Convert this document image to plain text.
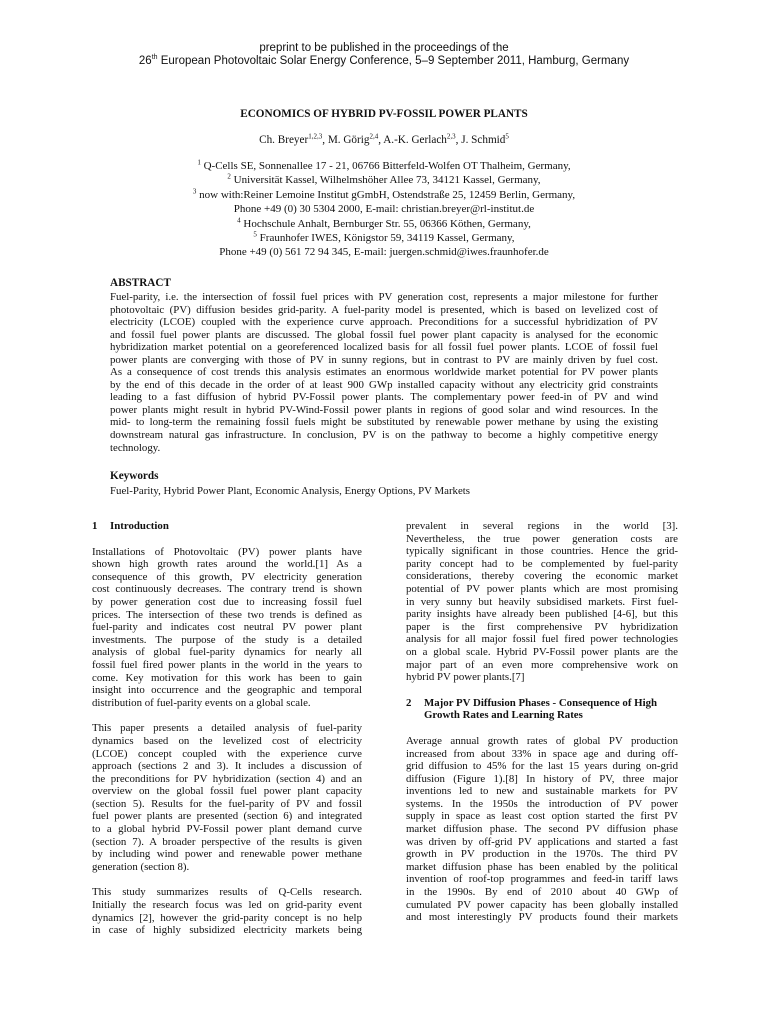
preprint to be published in the proceedings of the
26th European Photovoltaic Solar Energy Conference, 5–9 September 2011, Hamburg, Germany
ECONOMICS OF HYBRID PV-FOSSIL POWER PLANTS
Ch. Breyer$^{1,2,3}$, M. Görig$^{2,4}$, A.-K. Gerlach$^{2,3}$, J. Schmid$^5$
$^1$ Q-Cells SE, Sonnenallee 17 - 21, 06766 Bitterfeld-Wolfen OT Thalheim, Germany,
$^2$ Universität Kassel, Wilhelmshöher Allee 73, 34121 Kassel, Germany,
$^3$ now with:Reiner Lemoine Institut gGmbH, Ostendstraße 25, 12459 Berlin, Germany,
Phone +49 (0) 30 5304 2000, E-mail: christian.breyer@rl-institut.de
$^4$ Hochschule Anhalt, Bernburger Str. 55, 06366 Köthen, Germany,
$^5$ Fraunhofer IWES, Königstor 59, 34119 Kassel, Germany,
Phone +49 (0) 561 72 94 345, E-mail: juergen.schmid@iwes.fraunhofer.de
ABSTRACT
Fuel-parity, i.e. the intersection of fossil fuel prices with PV generation cost, represents a major milestone for further
photovoltaic (PV) diffusion besides grid-parity. A fuel-parity model is presented, which is based on levelized cost of
electricity (LCOE) coupled with the experience curve approach. Preconditions for a successful hybridization of PV
and fossil fuel power plants are discussed. The global fossil fuel power plant capacity is analysed for the economic
hybridization market potential on a georeferenced localized basis for all fossil fuel power plants. LCOE of fossil fuel
power plants are converging with those of PV in sunny regions, but in contrast to PV are mainly driven by fuel cost.
As a consequence of cost trends this analysis estimates an enormous worldwide market potential for PV power plants
by the end of this decade in the order of at least 900 GWp installed capacity without any electricity grid constraints
leading to a fast diffusion of hybrid PV-Fossil power plants. The complementary power feed-in of PV and wind
power plants might result in hybrid PV-Wind-Fossil power plants in regions of good solar and wind resources. In the
mid- to long-term the remaining fossil fuels might be substituted by renewable power methane by using the existing
downstream natural gas infrastructure. In conclusion, PV is on the pathway to become a highly competitive energy
technology.
Keywords
Fuel-Parity, Hybrid Power Plant, Economic Analysis, Energy Options, PV Markets
1	Introduction
Installations of Photovoltaic (PV) power plants have
shown high growth rates around the world.[1] As a
consequence of this growth, PV electricity generation
cost continuously decreases. The contrary trend is shown
by power generation cost due to increasing fossil fuel
prices. The intersection of these two trends is defined as
fuel-parity and indicates cost neutral PV power plant
investments. The purpose of the study is a detailed
analysis of global fuel-parity dynamics for nearly all
fossil fuel fired power plants in the world in the years to
come. Key motivation for this work has been to gain
insight into occurrence and the geographic and temporal
distribution of fuel-parity events on a global scale.
This paper presents a detailed analysis of fuel-parity
dynamics based on the levelized cost of electricity
(LCOE) concept coupled with the experience curve
approach (sections 2 and 3). It includes a discussion of
the preconditions for PV hybridization (section 4) and an
overview on the global fossil fuel power plant capacity
(section 5). Results for the fuel-parity of PV and fossil
fuel power plants are presented (section 6) and integrated
to a global hybrid PV-Fossil power plant demand curve
(section 7). A broader perspective of the results is given
by including wind power and renewable power methane
generation (section 8).
This study summarizes results of Q-Cells research.
Initially the research focus was led on grid-parity event
dynamics [2], however the grid-parity concept is no help
in case of highly subsidized electricity markets being
prevalent in several regions in the world [3].
Nevertheless, the true power generation costs are
typically significant in those countries. Hence the grid-
parity concept had to be complemented by fuel-parity
considerations, thereby covering the economic market
potential of PV power plants which are most promising
in very sunny but heavily subsidised markets. First fuel-
parity insights have already been published [4-6], but this
paper is the first comprehensive PV hybridization
analysis for all major fossil fuel fired power technologies
on a global scale. Hybrid PV-Fossil power plants are the
major part of an even more comprehensive work on
hybrid PV power plants.[7]
2	Major PV Diffusion Phases - Consequence of High
Growth Rates and Learning Rates
Average annual growth rates of global PV production
increased from about 33% in space age and during off-
grid diffusion to 45% for the last 15 years during on-grid
diffusion (Figure 1).[8] In history of PV, three major
inventions led to new and sustainable markets for PV
systems. In the 1950s the introduction of PV power
supply in space as least cost option started the first PV
market diffusion phase. The second PV diffusion phase
was driven by off-grid PV applications and started a fast
growth in PV production in the 1970s. The third PV
market diffusion phase has been enabled by the political
invention of roof-top programmes and feed-in tariff laws
in the 1990s. By end of 2010 about 40 GWp of
cumulated PV power capacity has been globally installed
and most interestingly PV products found their markets
